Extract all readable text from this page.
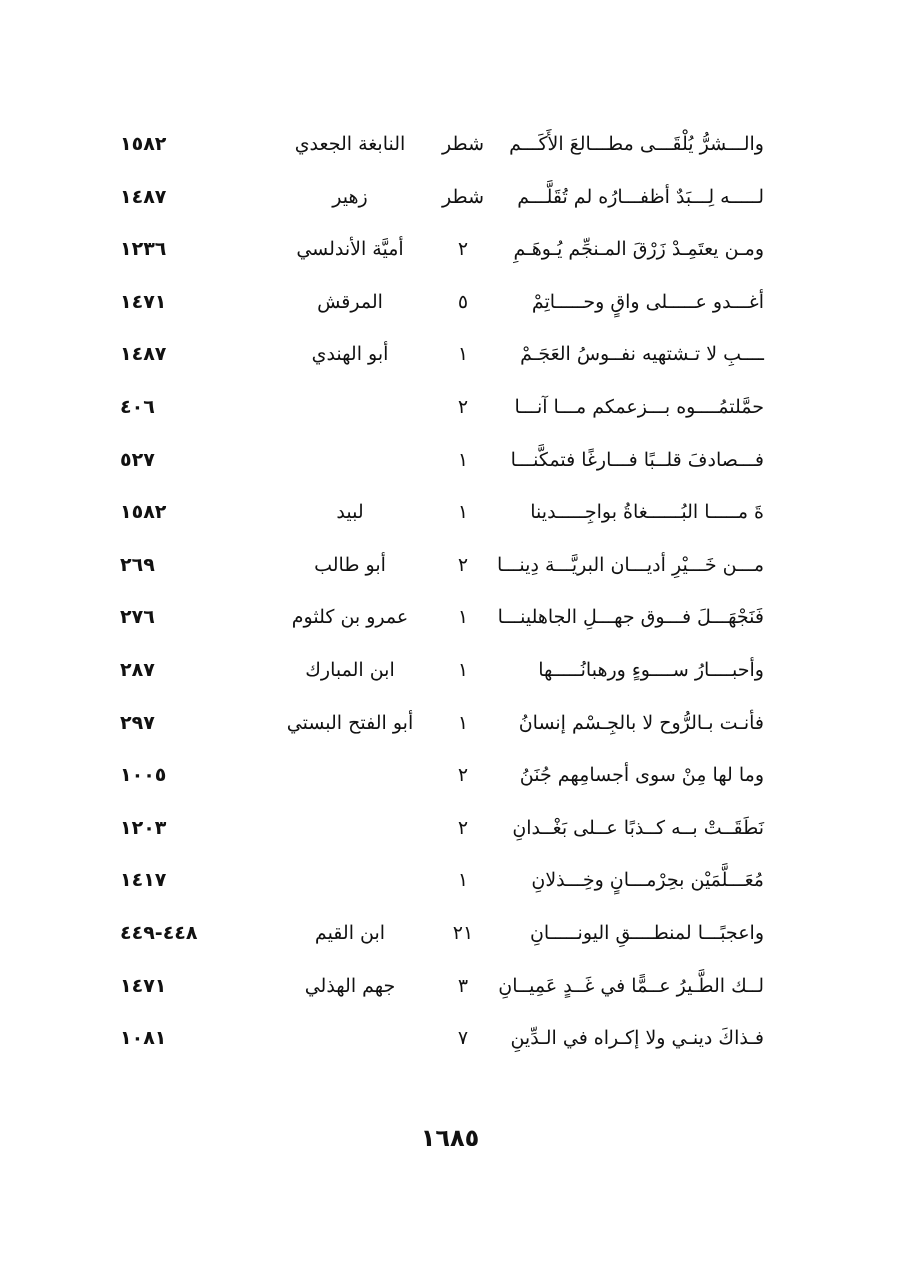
والـــشرُّ يُلْقَـــى مطـــالعَ الأَكَـــم
شطر
النابغة الجعدي
١٥٨٢
لـــــه لِـــبَدٌ أظفـــارُه لم تُقَلَّـــم
شطر
زهير
١٤٨٧
ومـن يعتَمِـدْ زَرْقَ المـنجِّم يُـوهَـمِ
٢
أميَّة الأندلسي
١٢٣٦
أغـــدو عـــــلى واقٍ وحـــــاتِمْ
٥
المرقش
١٤٧١
ــــبِ لا تـشتهيه نفــوسُ العَجَـمْ
١
أبو الهندي
١٤٨٧
حمَّلتمُــــوه بـــزعمكم مـــا آنـــا
٢
٤٠٦
فـــصادفَ قلــبًا فـــارغًا فتمكَّنـــا
١
٥٢٧
ةَ مـــــا البُــــــغاةُ بواجِـــــدينا
١
لبيد
١٥٨٢
مـــن خَـــيْرِ أديـــان البريَّـــة دِينـــا
٢
أبو طالب
٢٦٩
فَنَجْهَـــلَ فـــوق جهـــلِ الجاهلينـــا
١
عمرو بن كلثوم
٢٧٦
وأحبــــارُ ســــوءٍ ورهبانُـــــها
١
ابن المبارك
٢٨٧
فأنـت بـالرُّوح لا بالجِـسْم إنسانُ
١
أبو الفتح البستي
٢٩٧
وما لها مِنْ سوى أجسامِهم جُنَنُ
٢
١٠٠٥
نَطَقَــتْ بــه كــذبًا عــلى بَغْــدانِ
٢
١٢٠٣
مُعَـــلَّمَيْن بحِرْمـــانٍ وخِـــذلانِ
١
١٤١٧
واعجبًـــا لمنطــــقِ اليونـــــانِ
٢١
ابن القيم
٤٤٨-٤٤٩
لــك الطَّـيرُ عــمًّا في غَــدٍ عَمِيــانِ
٣
جهم الهذلي
١٤٧١
فـذاكَ دينـي ولا إكـراه في الـدِّينِ
٧
١٠٨١
١٦٨٥
